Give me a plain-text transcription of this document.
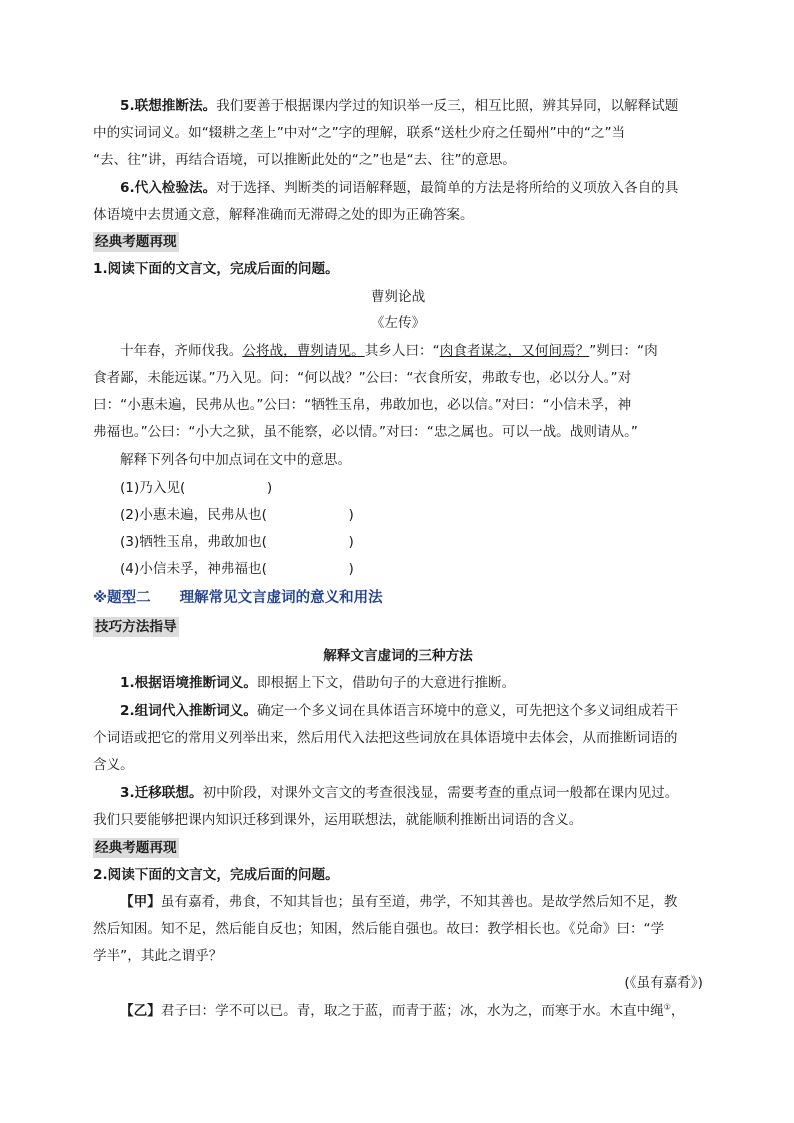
5.联想推断法。我们要善于根据课内学过的知识举一反三，相互比照，辨其异同，以解释试题
中的实词词义。如“辍耕之垄上”中对“之”字的理解，联系“送杜少府之任蜀州”中的“之”当
“去、往”讲，再结合语境，可以推断此处的“之”也是“去、往”的意思。
6.代入检验法。对于选择、判断类的词语解释题，最简单的方法是将所给的义项放入各自的具
体语境中去贯通文意，解释准确而无滞碍之处的即为正确答案。
经典考题再现
1.阅读下面的文言文，完成后面的问题。
曹刿论战
《左传》
十年春，齐师伐我。公将战，曹刿请见。其乡人曰：“肉食者谋之，又何间焉？”刿曰：“肉
食者鄙，未能远谋。”乃入见。问：“何以战？”公曰：“衣食所安，弗敢专也，必以分人。”对
曰：“小惠未遍，民弗从也。”公曰：“牺牲玉帛，弗敢加也，必以信。”对曰：“小信未孚，神
弗福也。”公曰：“小大之狱，虽不能察，必以情。”对曰：“忠之属也。可以一战。战则请从。”
解释下列各句中加点词在文中的意思。
(1)乃入见(　　　　　　)
(2)小惠未遍，民弗从也(　　　　　　)
(3)牺牲玉帛，弗敢加也(　　　　　　)
(4)小信未孚，神弗福也(　　　　　　)
※题型二　　理解常见文言虚词的意义和用法
技巧方法指导
解释文言虚词的三种方法
1.根据语境推断词义。即根据上下文，借助句子的大意进行推断。
2.组词代入推断词义。确定一个多义词在具体语言环境中的意义，可先把这个多义词组成若干
个词语或把它的常用义列举出来，然后用代入法把这些词放在具体语境中去体会，从而推断词语的
含义。
3.迁移联想。初中阶段，对课外文言文的考查很浅显，需要考查的重点词一般都在课内见过。
我们只要能够把课内知识迁移到课外，运用联想法，就能顺利推断出词语的含义。
经典考题再现
2.阅读下面的文言文，完成后面的问题。
【甲】虽有嘉肴，弗食，不知其旨也；虽有至道，弗学，不知其善也。是故学然后知不足，教
然后知困。知不足，然后能自反也；知困，然后能自强也。故曰：教学相长也。《兑命》曰：“学
学半”，其此之谓乎？
(《虽有嘉肴》)
【乙】君子曰：学不可以已。青，取之于蓝，而青于蓝；冰，水为之，而寒于水。木直中绳①，
